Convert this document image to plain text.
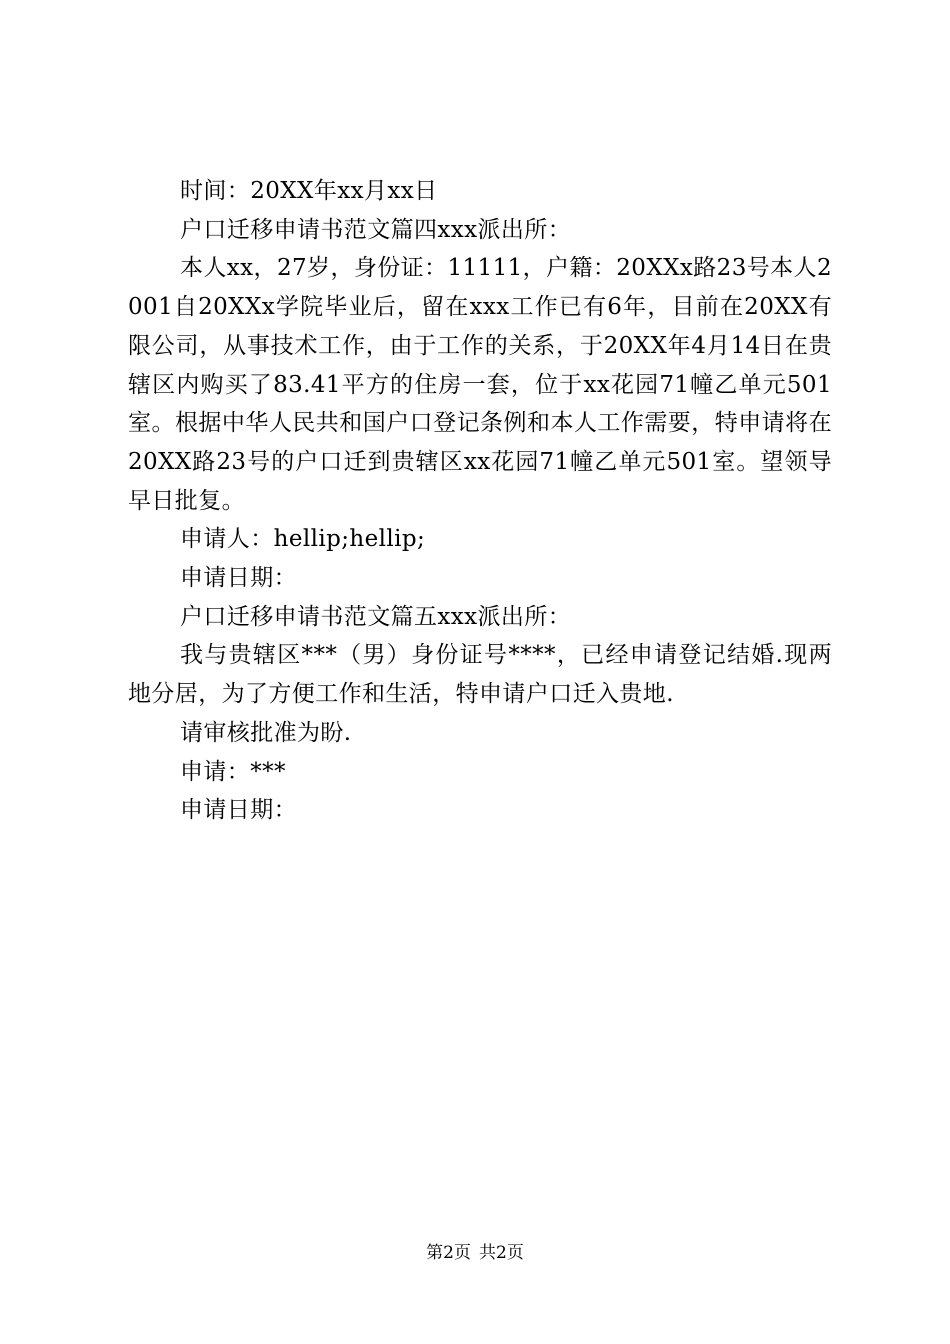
时间：20XX年xx月xx日

户口迁移申请书范文篇四xxx派出所：

本人xx，27岁，身份证：11111，户籍：20XXx路23号本人2001自20XXx学院毕业后，留在xxx工作已有6年，目前在20XX有限公司，从事技术工作，由于工作的关系，于20XX年4月14日在贵辖区内购买了83.41平方的住房一套，位于xx花园71幢乙单元501室。根据中华人民共和国户口登记条例和本人工作需要，特申请将在20XX路23号的户口迁到贵辖区xx花园71幢乙单元501室。望领导早日批复。

申请人：hellip;hellip;

申请日期：

户口迁移申请书范文篇五xxx派出所：

我与贵辖区***（男）身份证号****，已经申请登记结婚.现两地分居，为了方便工作和生活，特申请户口迁入贵地.

请审核批准为盼.

申请：***

申请日期：

第2页 共2页
